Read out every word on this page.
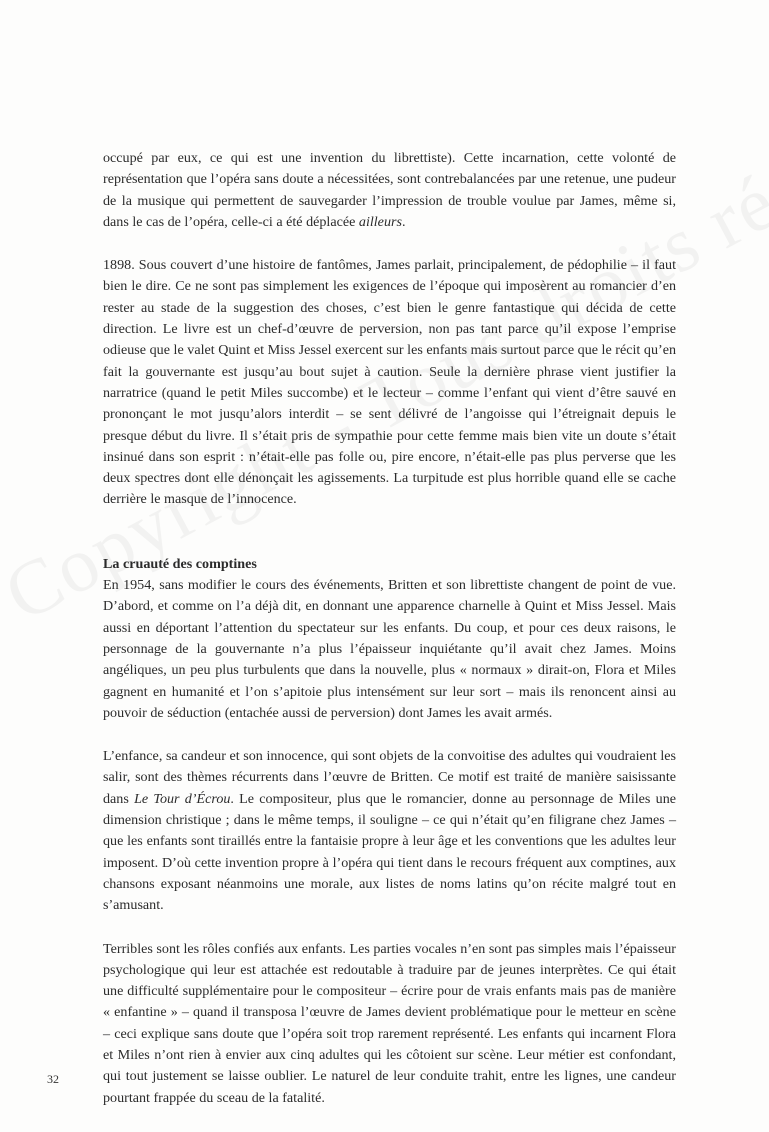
occupé par eux, ce qui est une invention du librettiste). Cette incarnation, cette volonté de représentation que l’opéra sans doute a nécessitées, sont contrebalancées par une retenue, une pudeur de la musique qui permettent de sauvegarder l’impression de trouble voulue par James, même si, dans le cas de l’opéra, celle-ci a été déplacée ailleurs.

1898. Sous couvert d’une histoire de fantômes, James parlait, principalement, de pédophilie – il faut bien le dire. Ce ne sont pas simplement les exigences de l’époque qui imposèrent au romancier d’en rester au stade de la suggestion des choses, c’est bien le genre fantastique qui décida de cette direction. Le livre est un chef-d’œuvre de perversion, non pas tant parce qu’il expose l’emprise odieuse que le valet Quint et Miss Jessel exercent sur les enfants mais surtout parce que le récit qu’en fait la gouvernante est jusqu’au bout sujet à caution. Seule la dernière phrase vient justifier la narratrice (quand le petit Miles succombe) et le lecteur – comme l’enfant qui vient d’être sauvé en prononçant le mot jusqu’alors interdit – se sent délivré de l’angoisse qui l’étreignait depuis le presque début du livre. Il s’était pris de sympathie pour cette femme mais bien vite un doute s’était insinué dans son esprit : n’était-elle pas folle ou, pire encore, n’était-elle pas plus perverse que les deux spectres dont elle dénonçait les agissements. La turpitude est plus horrible quand elle se cache derrière le masque de l’innocence.

La cruauté des comptines

En 1954, sans modifier le cours des événements, Britten et son librettiste changent de point de vue. D’abord, et comme on l’a déjà dit, en donnant une apparence charnelle à Quint et Miss Jessel. Mais aussi en déportant l’attention du spectateur sur les enfants. Du coup, et pour ces deux raisons, le personnage de la gouvernante n’a plus l’épaisseur inquiétante qu’il avait chez James. Moins angéliques, un peu plus turbulents que dans la nouvelle, plus « normaux » dirait-on, Flora et Miles gagnent en humanité et l’on s’apitoie plus intensément sur leur sort – mais ils renoncent ainsi au pouvoir de séduction (entachée aussi de perversion) dont James les avait armés.

L’enfance, sa candeur et son innocence, qui sont objets de la convoitise des adultes qui voudraient les salir, sont des thèmes récurrents dans l’œuvre de Britten. Ce motif est traité de manière saisissante dans Le Tour d’Écrou. Le compositeur, plus que le romancier, donne au personnage de Miles une dimension christique ; dans le même temps, il souligne – ce qui n’était qu’en filigrane chez James – que les enfants sont tiraillés entre la fantaisie propre à leur âge et les conventions que les adultes leur imposent. D’où cette invention propre à l’opéra qui tient dans le recours fréquent aux comptines, aux chansons exposant néanmoins une morale, aux listes de noms latins qu’on récite malgré tout en s’amusant.

Terribles sont les rôles confiés aux enfants. Les parties vocales n’en sont pas simples mais l’épaisseur psychologique qui leur est attachée est redoutable à traduire par de jeunes interprètes. Ce qui était une difficulté supplémentaire pour le compositeur – écrire pour de vrais enfants mais pas de manière « enfantine » – quand il transposa l’œuvre de James devient problématique pour le metteur en scène – ceci explique sans doute que l’opéra soit trop rarement représenté. Les enfants qui incarnent Flora et Miles n’ont rien à envier aux cinq adultes qui les côtoient sur scène. Leur métier est confondant, qui tout justement se laisse oublier. Le naturel de leur conduite trahit, entre les lignes, une candeur pourtant frappée du sceau de la fatalité.

32
